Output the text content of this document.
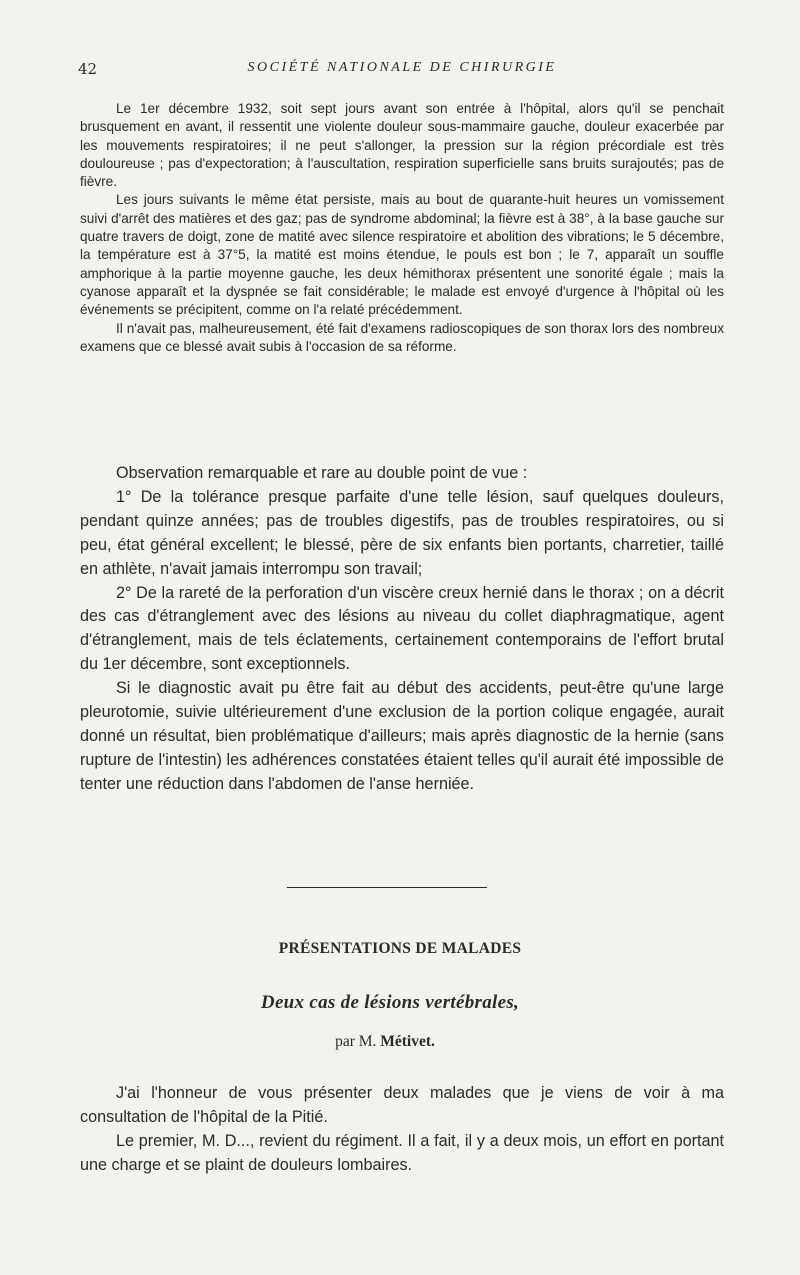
42	SOCIÉTÉ NATIONALE DE CHIRURGIE

Le 1er décembre 1932, soit sept jours avant son entrée à l'hôpital, alors qu'il se penchait brusquement en avant, il ressentit une violente douleur sous-mammaire gauche, douleur exacerbée par les mouvements respiratoires; il ne peut s'allonger, la pression sur la région précordiale est très douloureuse ; pas d'expectoration; à l'auscultation, respiration superficielle sans bruits surajoutés; pas de fièvre.

Les jours suivants le même état persiste, mais au bout de quarante-huit heures un vomissement suivi d'arrêt des matières et des gaz; pas de syndrome abdominal; la fièvre est à 38°, à la base gauche sur quatre travers de doigt, zone de matité avec silence respiratoire et abolition des vibrations; le 5 décembre, la température est à 37°5, la matité est moins étendue, le pouls est bon ; le 7, apparaît un souffle amphorique à la partie moyenne gauche, les deux hémithorax présentent une sonorité égale ; mais la cyanose apparaît et la dyspnée se fait considérable; le malade est envoyé d'urgence à l'hôpital où les événements se précipitent, comme on l'a relaté précédemment.

Il n'avait pas, malheureusement, été fait d'examens radioscopiques de son thorax lors des nombreux examens que ce blessé avait subis à l'occasion de sa réforme.

Observation remarquable et rare au double point de vue :

1° De la tolérance presque parfaite d'une telle lésion, sauf quelques douleurs, pendant quinze années; pas de troubles digestifs, pas de troubles respiratoires, ou si peu, état général excellent; le blessé, père de six enfants bien portants, charretier, taillé en athlète, n'avait jamais interrompu son travail;

2° De la rareté de la perforation d'un viscère creux hernié dans le thorax ; on a décrit des cas d'étranglement avec des lésions au niveau du collet diaphragmatique, agent d'étranglement, mais de tels éclatements, certainement contemporains de l'effort brutal du 1er décembre, sont exceptionnels.

Si le diagnostic avait pu être fait au début des accidents, peut-être qu'une large pleurotomie, suivie ultérieurement d'une exclusion de la portion colique engagée, aurait donné un résultat, bien problématique d'ailleurs; mais après diagnostic de la hernie (sans rupture de l'intestin) les adhérences constatées étaient telles qu'il aurait été impossible de tenter une réduction dans l'abdomen de l'anse herniée.

PRÉSENTATIONS DE MALADES
Deux cas de lésions vertébrales,
par M. Métivet.

J'ai l'honneur de vous présenter deux malades que je viens de voir à ma consultation de l'hôpital de la Pitié.

Le premier, M. D..., revient du régiment. Il a fait, il y a deux mois, un effort en portant une charge et se plaint de douleurs lombaires.
